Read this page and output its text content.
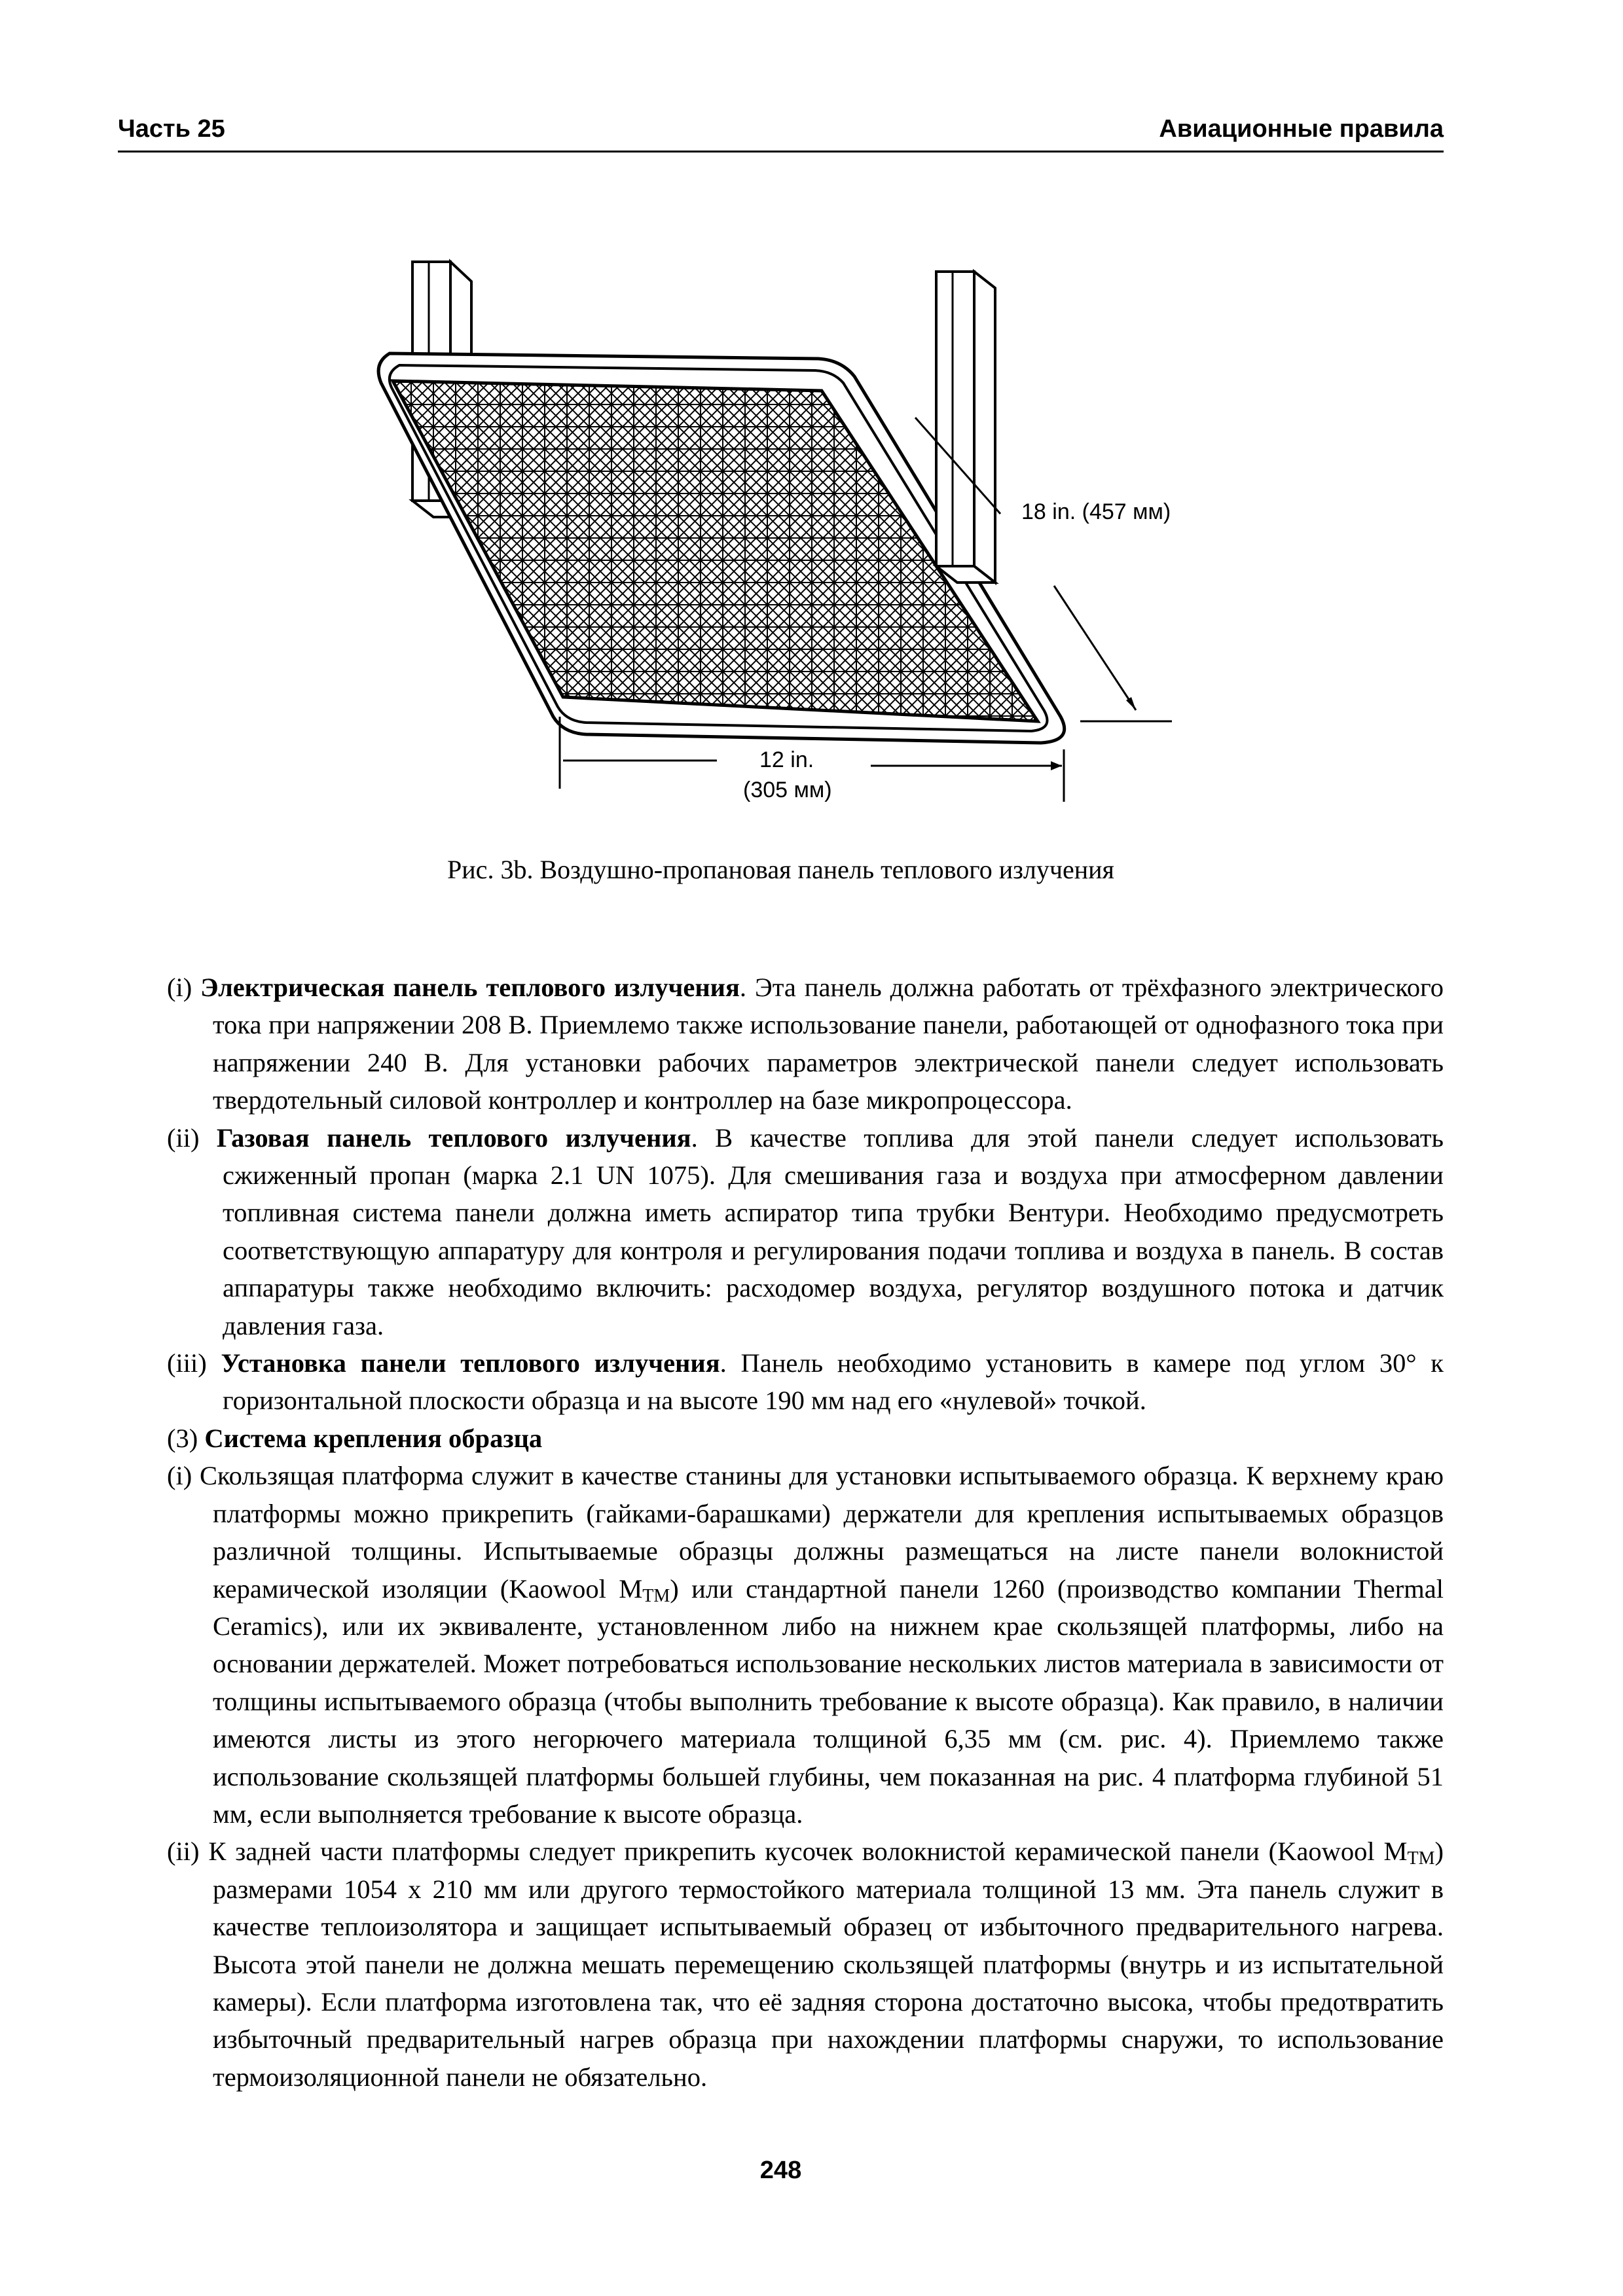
Часть 25	Авиационные правила
18 in. (457 мм)
12 in.
(305 мм)
Рис. 3b. Воздушно-пропановая панель теплового излучения

(i) Электрическая панель теплового излучения. Эта панель должна работать от трёхфазного электрического тока при напряжении 208 В. Приемлемо также использование панели, работающей от однофазного тока при напряжении 240 В. Для установки рабочих параметров электрической панели следует использовать твердотельный силовой контроллер и контроллер на базе микропроцессора.

(ii) Газовая панель теплового излучения. В качестве топлива для этой панели следует использовать сжиженный пропан (марка 2.1 UN 1075). Для смешивания газа и воздуха при атмосферном давлении топливная система панели должна иметь аспиратор типа трубки Вентури. Необходимо предусмотреть соответствующую аппаратуру для контроля и регулирования подачи топлива и воздуха в панель. В состав аппаратуры также необходимо включить: расходомер воздуха, регулятор воздушного потока и датчик давления газа.

(iii) Установка панели теплового излучения. Панель необходимо установить в камере под углом 30° к горизонтальной плоскости образца и на высоте 190 мм над его «нулевой» точкой.

(3) Система крепления образца

(i) Скользящая платформа служит в качестве станины для установки испытываемого образца. К верхнему краю платформы можно прикрепить (гайками-барашками) держатели для крепления испытываемых образцов различной толщины. Испытываемые образцы должны размещаться на листе панели волокнистой керамической изоляции (Kaowool $M_{TM}$) или стандартной панели 1260 (производство компании Thermal Ceramics), или их эквиваленте, установленном либо на нижнем крае скользящей платформы, либо на основании держателей. Может потребоваться использование нескольких листов материала в зависимости от толщины испытываемого образца (чтобы выполнить требование к высоте образца). Как правило, в наличии имеются листы из этого негорючего материала толщиной 6,35 мм (см. рис. 4). Приемлемо также использование скользящей платформы большей глубины, чем показанная на рис. 4 платформа глубиной 51 мм, если выполняется требование к высоте образца.

(ii) К задней части платформы следует прикрепить кусочек волокнистой керамической панели (Kaowool $M_{TM}$) размерами 1054 х 210 мм или другого термостойкого материала толщиной 13 мм. Эта панель служит в качестве теплоизолятора и защищает испытываемый образец от избыточного предварительного нагрева. Высота этой панели не должна мешать перемещению скользящей платформы (внутрь и из испытательной камеры). Если платформа изготовлена так, что её задняя сторона достаточно высока, чтобы предотвратить избыточный предварительный нагрев образца при нахождении платформы снаружи, то использование термоизоляционной панели не обязательно.

248
